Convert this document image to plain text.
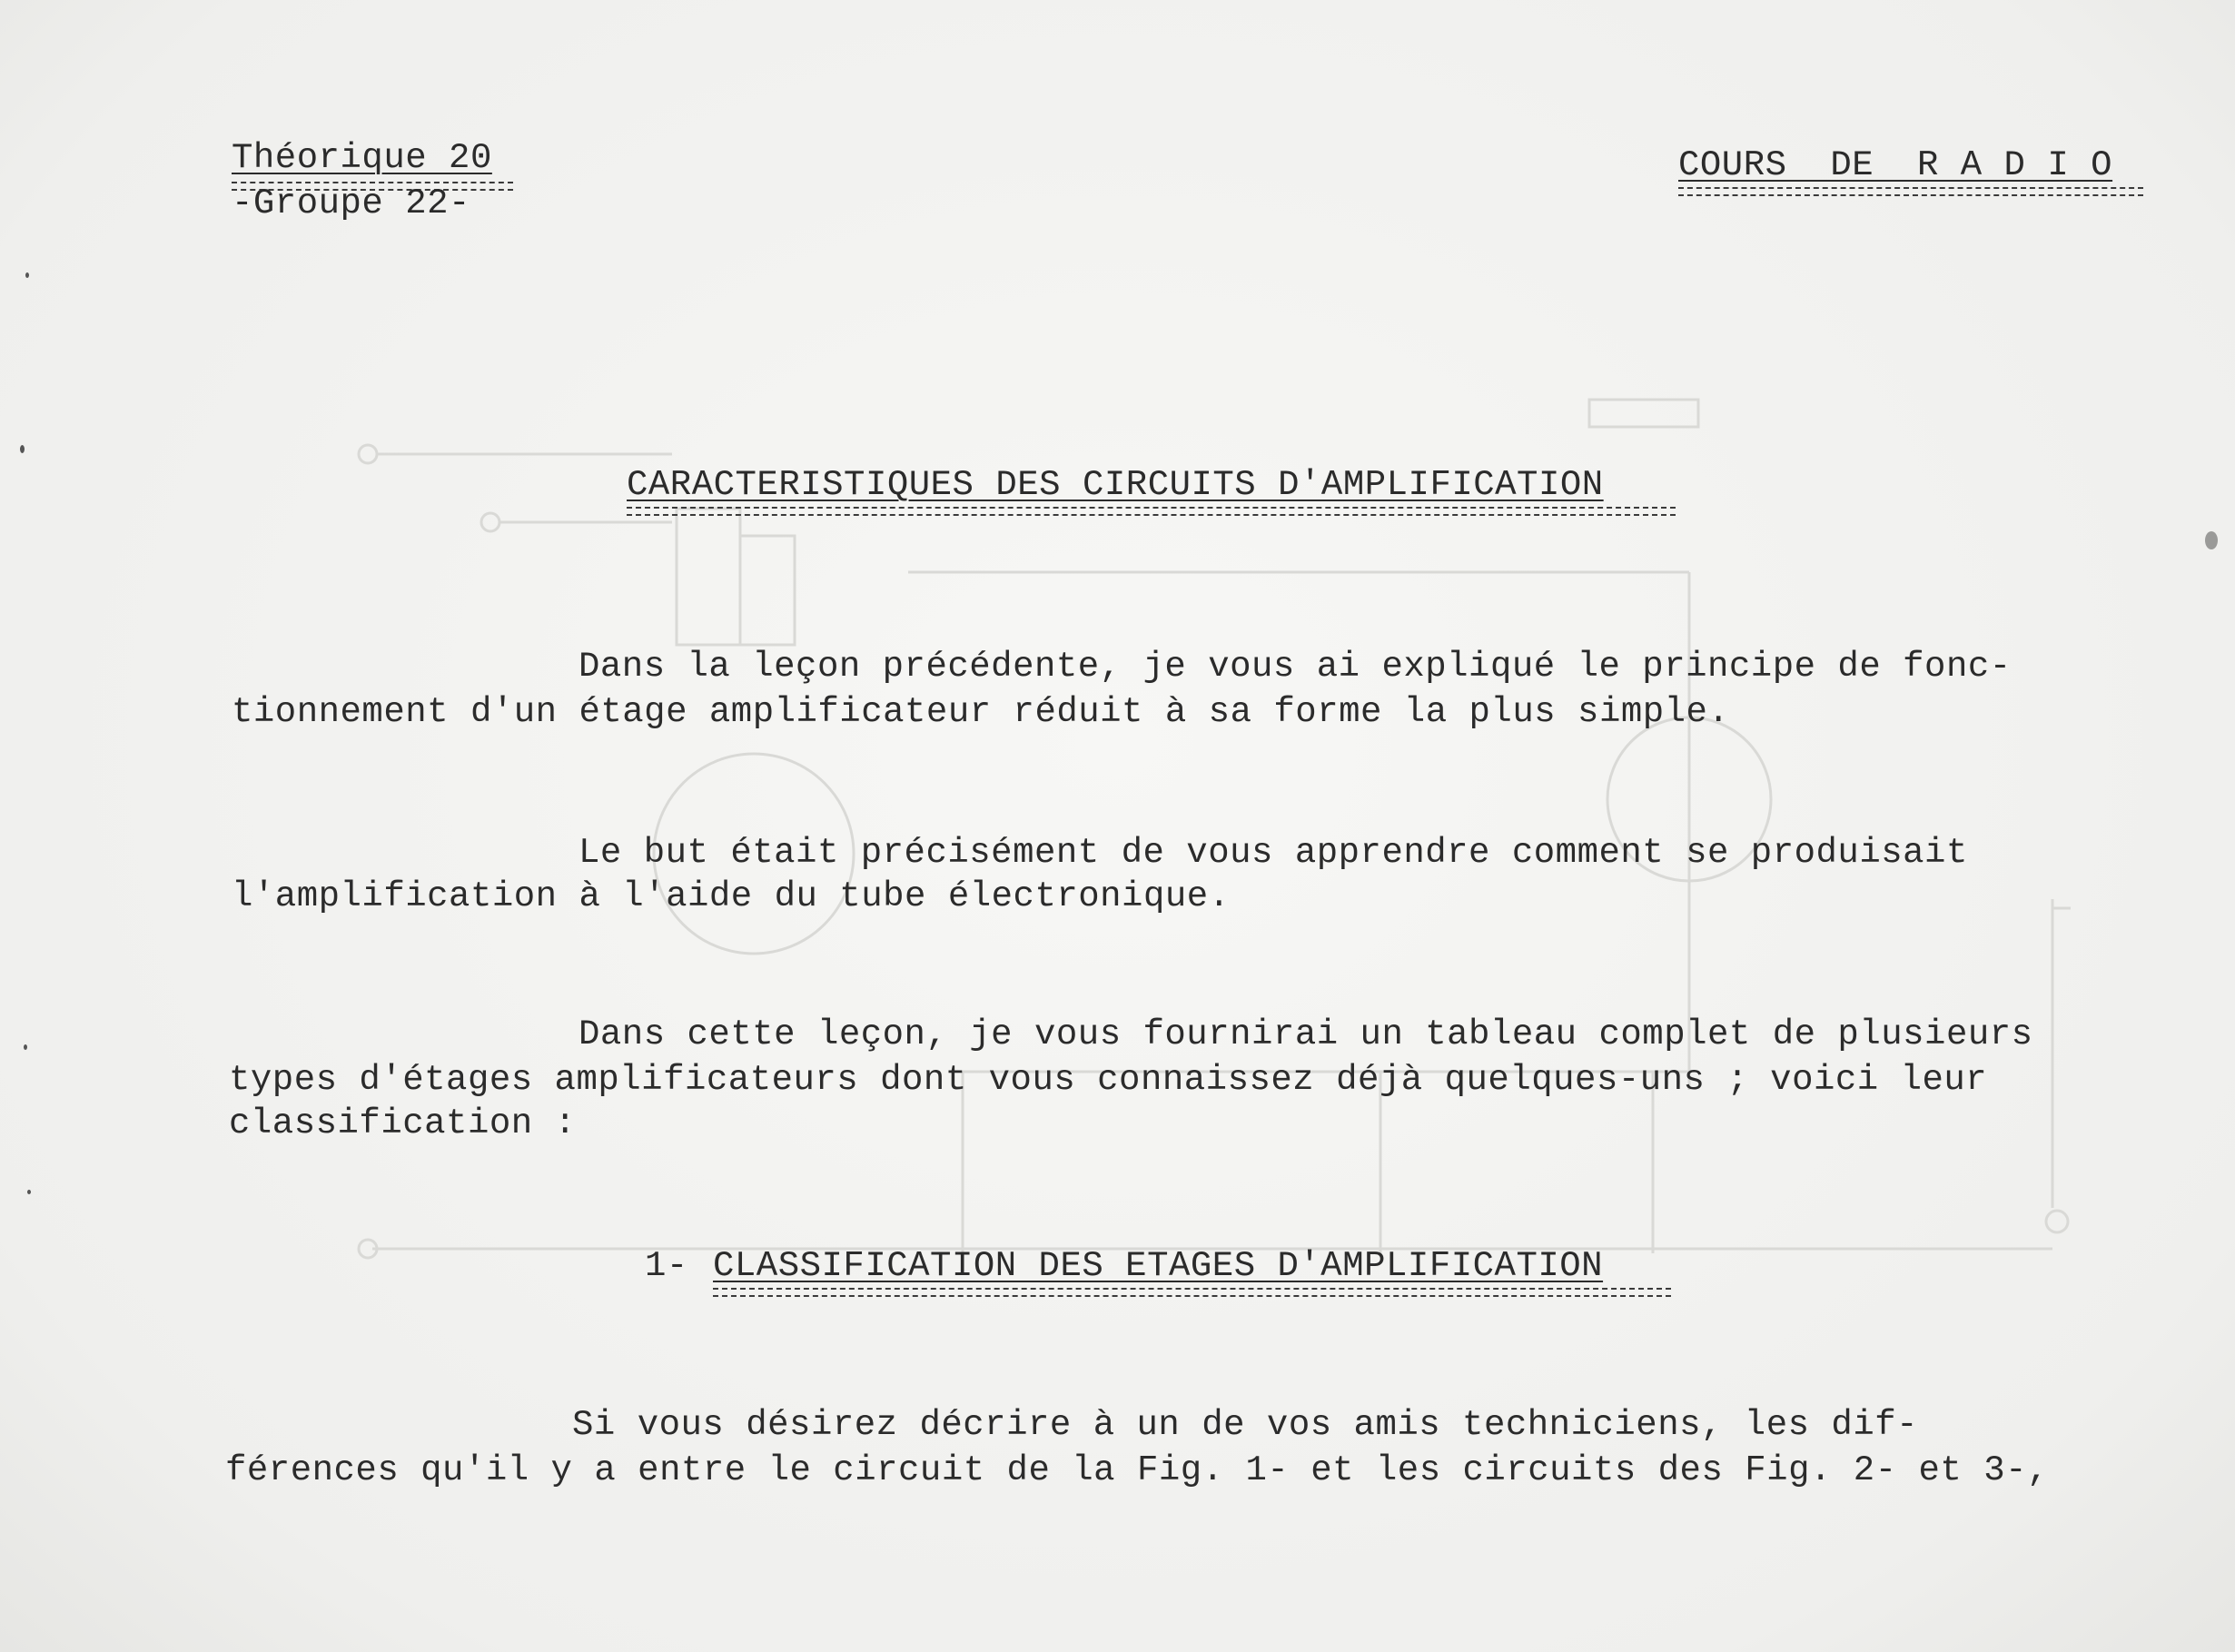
Théorique 20
-Groupe 22-
COURS  DE  R A D I O
CARACTERISTIQUES DES CIRCUITS D'AMPLIFICATION
Dans la leçon précédente, je vous ai expliqué le principe de fonc-
tionnement d'un étage amplificateur réduit à sa forme la plus simple.
Le but était précisément de vous apprendre comment se produisait
l'amplification à l'aide du tube électronique.
Dans cette leçon, je vous fournirai un tableau complet de plusieurs
types d'étages amplificateurs dont vous connaissez déjà quelques-uns ; voici leur
classification :
1- CLASSIFICATION DES ETAGES D'AMPLIFICATION
Si vous désirez décrire à un de vos amis techniciens, les dif-
férences qu'il y a entre le circuit de la Fig. 1- et les circuits des Fig. 2- et 3-,
